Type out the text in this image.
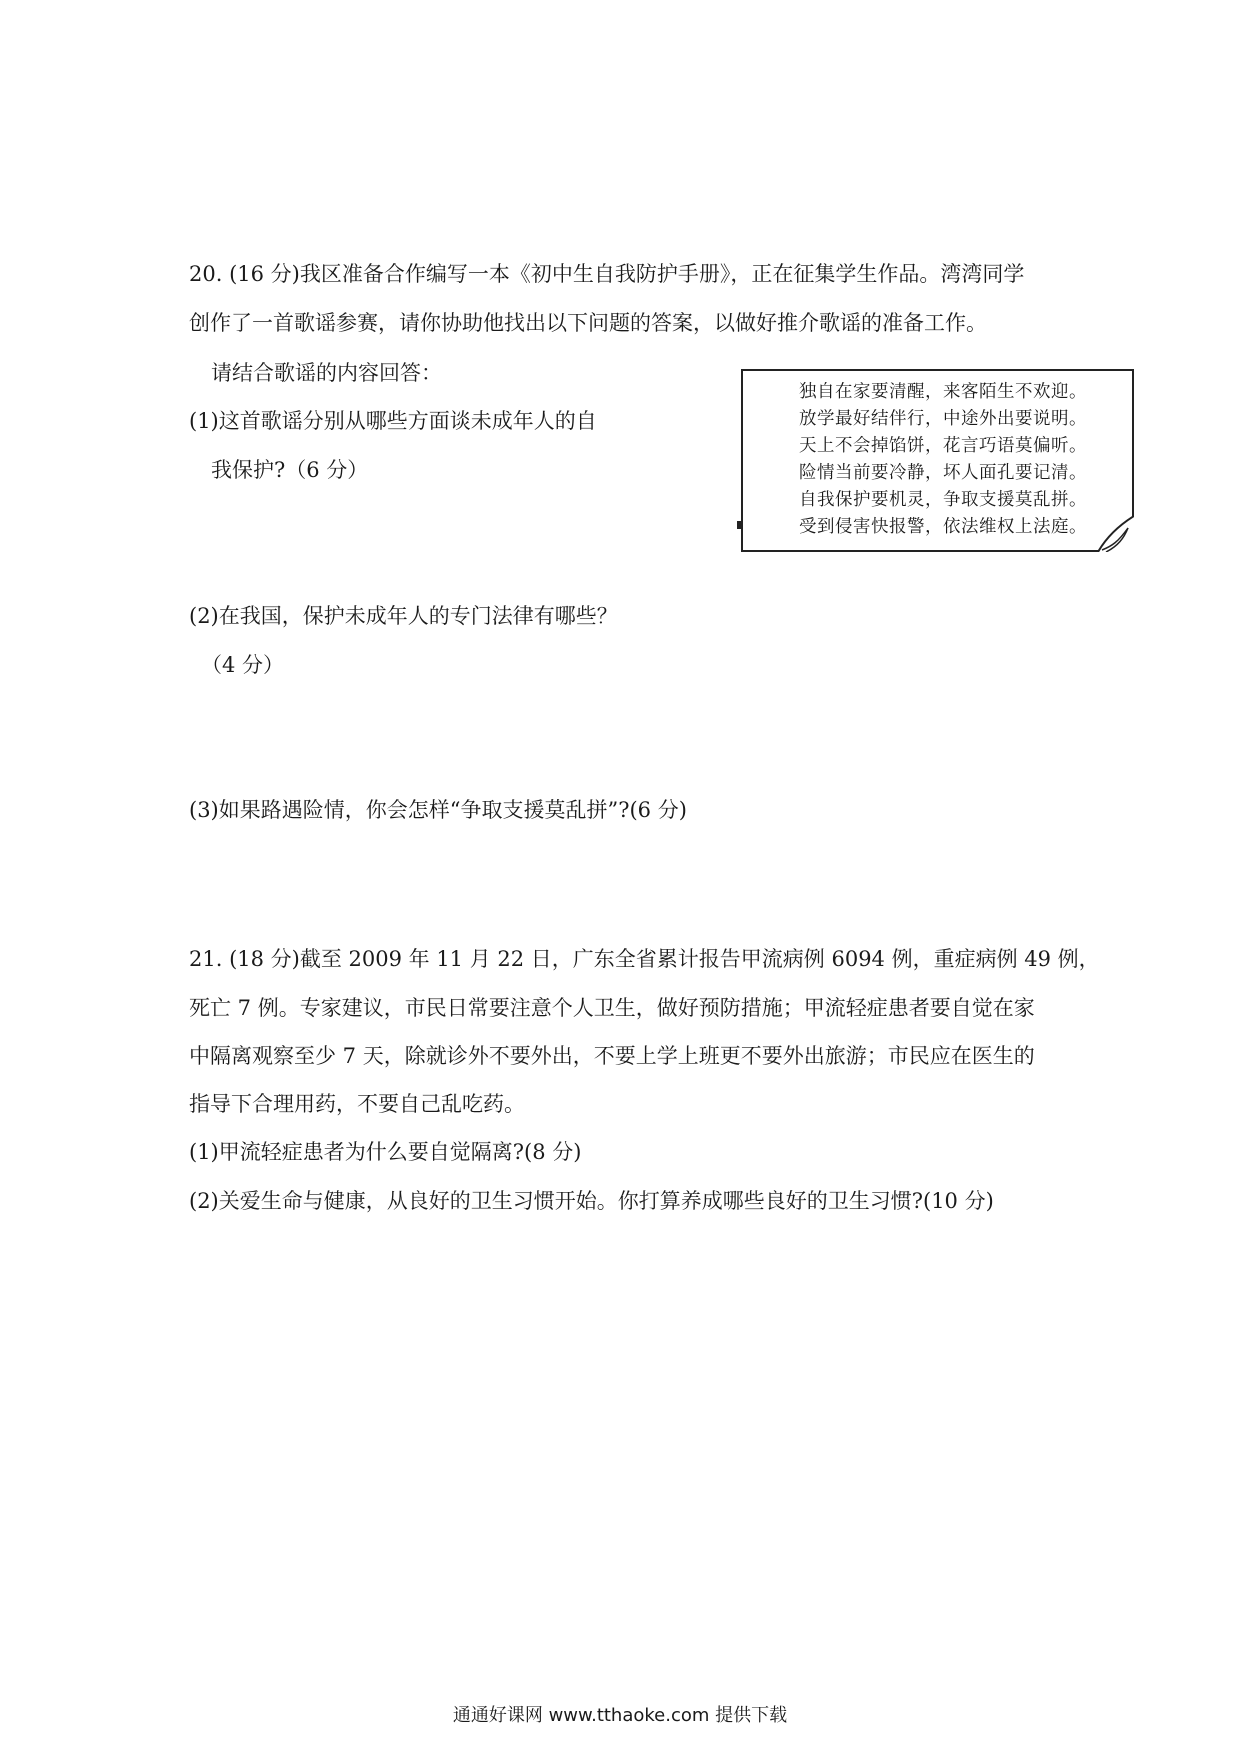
20. (16 分)我区准备合作编写一本《初中生自我防护手册》，正在征集学生作品。湾湾同学
创作了一首歌谣参赛，请你协助他找出以下问题的答案，以做好推介歌谣的准备工作。
请结合歌谣的内容回答：
(1)这首歌谣分别从哪些方面谈未成年人的自
我保护?（6 分）
独自在家要清醒，来客陌生不欢迎。
放学最好结伴行，中途外出要说明。
天上不会掉馅饼，花言巧语莫偏听。
险情当前要冷静，坏人面孔要记清。
自我保护要机灵，争取支援莫乱拼。
受到侵害快报警，依法维权上法庭。
(2)在我国，保护未成年人的专门法律有哪些？
（4 分）
(3)如果路遇险情，你会怎样“争取支援莫乱拼”?(6 分)
21. (18 分)截至 2009 年 11 月 22 日，广东全省累计报告甲流病例 6094 例，重症病例 49 例，
死亡 7 例。专家建议，市民日常要注意个人卫生，做好预防措施；甲流轻症患者要自觉在家
中隔离观察至少 7 天，除就诊外不要外出，不要上学上班更不要外出旅游；市民应在医生的
指导下合理用药，不要自己乱吃药。
(1)甲流轻症患者为什么要自觉隔离?(8 分)
(2)关爱生命与健康，从良好的卫生习惯开始。你打算养成哪些良好的卫生习惯?(10 分)
通通好课网 www.tthaoke.com 提供下载
